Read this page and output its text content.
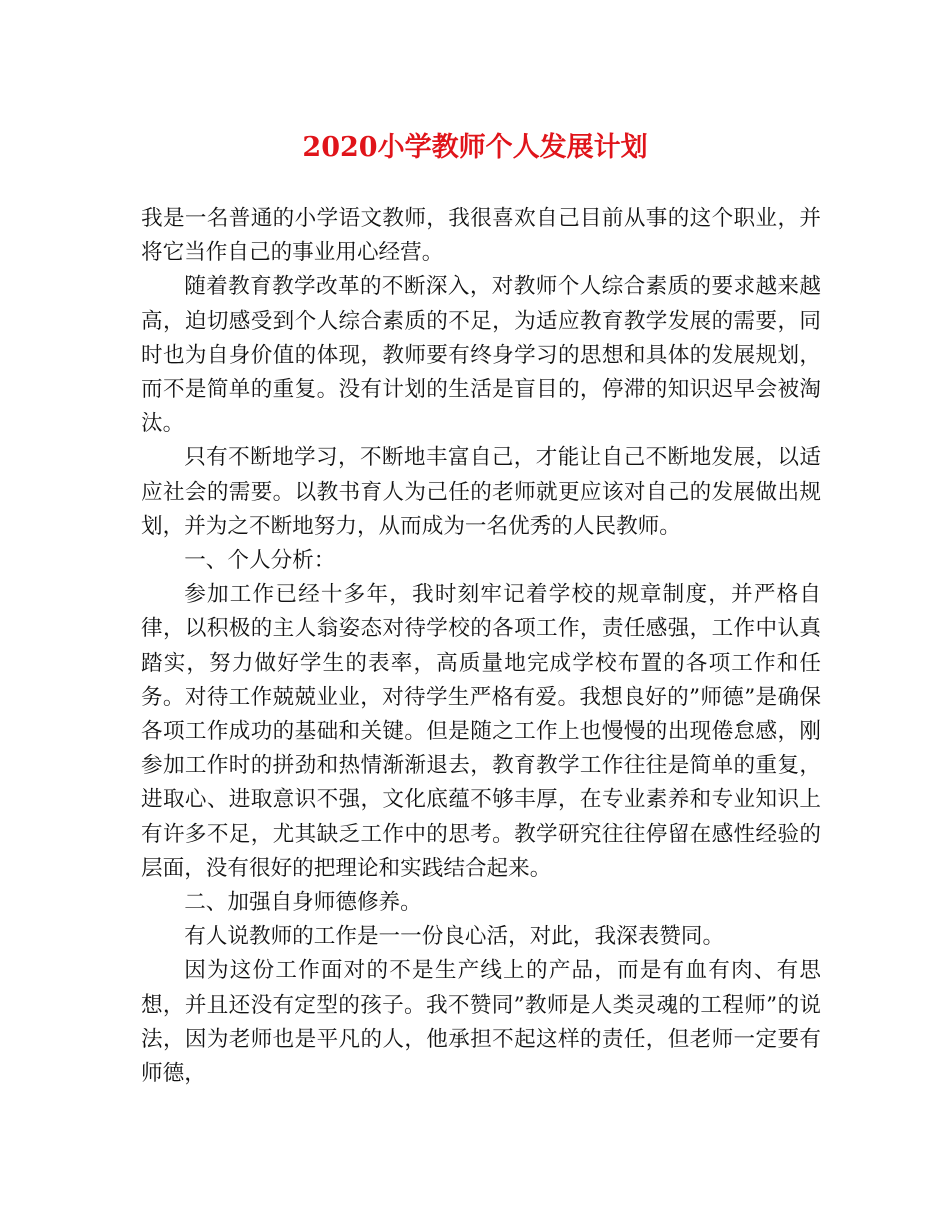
2020小学教师个人发展计划

我是一名普通的小学语文教师，我很喜欢自己目前从事的这个职业，并将它当作自己的事业用心经营。

随着教育教学改革的不断深入，对教师个人综合素质的要求越来越高，迫切感受到个人综合素质的不足，为适应教育教学发展的需要，同时也为自身价值的体现，教师要有终身学习的思想和具体的发展规划，而不是简单的重复。没有计划的生活是盲目的，停滞的知识迟早会被淘汰。

只有不断地学习，不断地丰富自己，才能让自己不断地发展，以适应社会的需要。以教书育人为己任的老师就更应该对自己的发展做出规划，并为之不断地努力，从而成为一名优秀的人民教师。

一、个人分析：

参加工作已经十多年，我时刻牢记着学校的规章制度，并严格自律，以积极的主人翁姿态对待学校的各项工作，责任感强，工作中认真踏实，努力做好学生的表率，高质量地完成学校布置的各项工作和任务。对待工作兢兢业业，对待学生严格有爱。我想良好的”师德”是确保各项工作成功的基础和关键。但是随之工作上也慢慢的出现倦怠感，刚参加工作时的拼劲和热情渐渐退去，教育教学工作往往是简单的重复，进取心、进取意识不强，文化底蕴不够丰厚，在专业素养和专业知识上有许多不足，尤其缺乏工作中的思考。教学研究往往停留在感性经验的层面，没有很好的把理论和实践结合起来。

二、加强自身师德修养。

有人说教师的工作是一一份良心活，对此，我深表赞同。

因为这份工作面对的不是生产线上的产品，而是有血有肉、有思想，并且还没有定型的孩子。我不赞同”教师是人类灵魂的工程师”的说法，因为老师也是平凡的人，他承担不起这样的责任，但老师一定要有师德，
